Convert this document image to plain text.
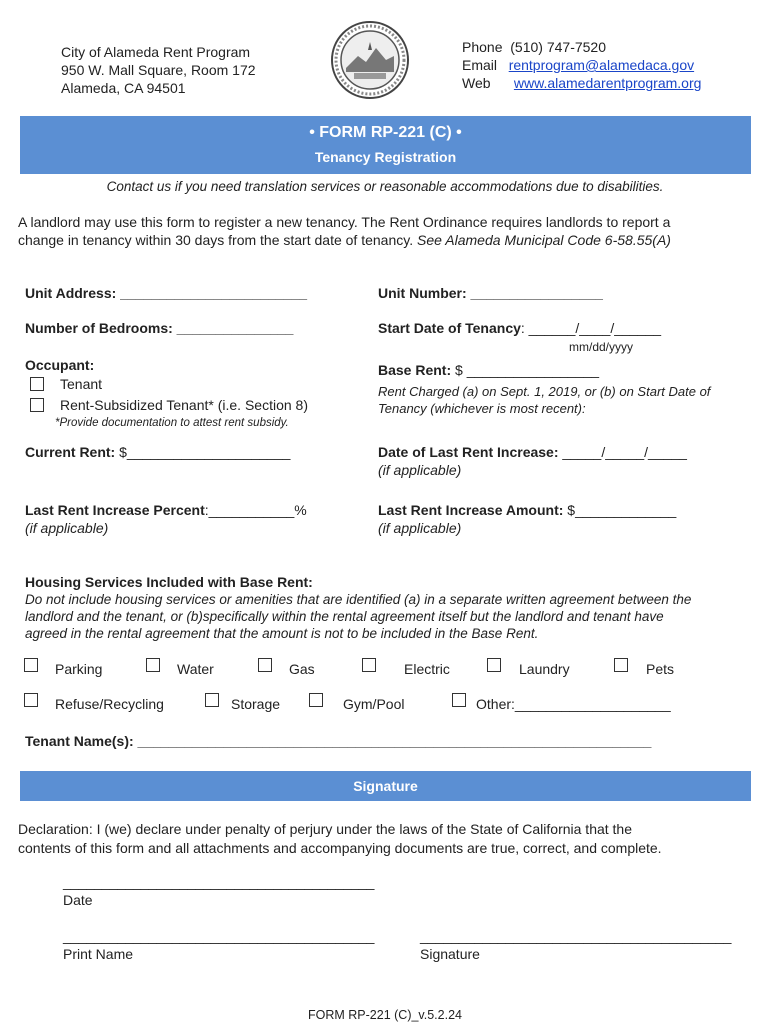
City of Alameda Rent Program
950 W. Mall Square, Room 172
Alameda, CA 94501
Phone (510) 747-7520
Email rentprogram@alamedaca.gov
Web www.alamedarentprogram.org
• FORM RP-221 (C) •
Tenancy Registration
Contact us if you need translation services or reasonable accommodations due to disabilities.
A landlord may use this form to register a new tenancy. The Rent Ordinance requires landlords to report a
change in tenancy within 30 days from the start date of tenancy. See Alameda Municipal Code 6-58.55(A)
Unit Address: ________________________	Unit Number: _________________
Number of Bedrooms: _______________	Start Date of Tenancy: ______/____/______
mm/dd/yyyy
Occupant:
Tenant
Rent-Subsidized Tenant* (i.e. Section 8)
*Provide documentation to attest rent subsidy.
Base Rent: $ _________________
Rent Charged (a) on Sept. 1, 2019, or (b) on Start Date of
Tenancy (whichever is most recent):
Current Rent: $_____________________	Date of Last Rent Increase: _____/_____/_____
(if applicable)
Last Rent Increase Percent:___________%
(if applicable)
Last Rent Increase Amount: $_____________
(if applicable)
Housing Services Included with Base Rent:
Do not include housing services or amenities that are identified (a) in a separate written agreement between the
landlord and the tenant, or (b)specifically within the rental agreement itself but the landlord and tenant have
agreed in the rental agreement that the amount is not to be included in the Base Rent.
Parking	Water	Gas	Electric	Laundry	Pets
Refuse/Recycling	Storage	Gym/Pool	Other:____________________
Tenant Name(s): __________________________________________________________________
Signature
Declaration: I (we) declare under penalty of perjury under the laws of the State of California that the
contents of this form and all attachments and accompanying documents are true, correct, and complete.
________________________________________
Date
________________________________________
Print Name
________________________________________
Signature
FORM RP-221 (C)_v.5.2.24
